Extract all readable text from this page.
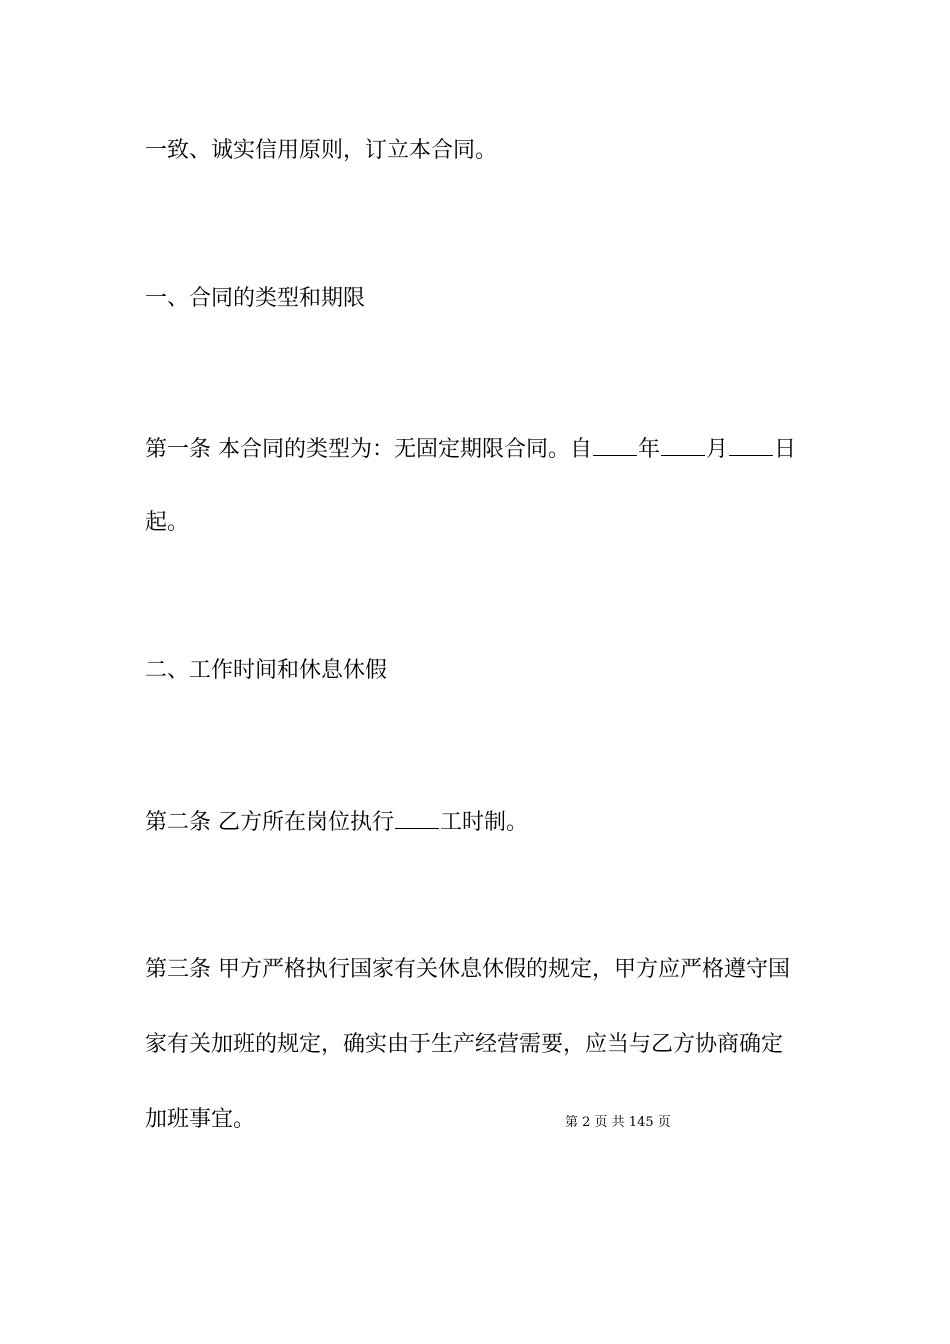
一致、诚实信用原则，订立本合同。

一、合同的类型和期限

第一条 本合同的类型为：无固定期限合同。自 年 月 日

起。

二、工作时间和休息休假

第二条 乙方所在岗位执行 工时制。

第三条 甲方严格执行国家有关休息休假的规定，甲方应严格遵守国

家有关加班的规定，确实由于生产经营需要，应当与乙方协商确定

加班事宜。	第 2 页 共 145 页
